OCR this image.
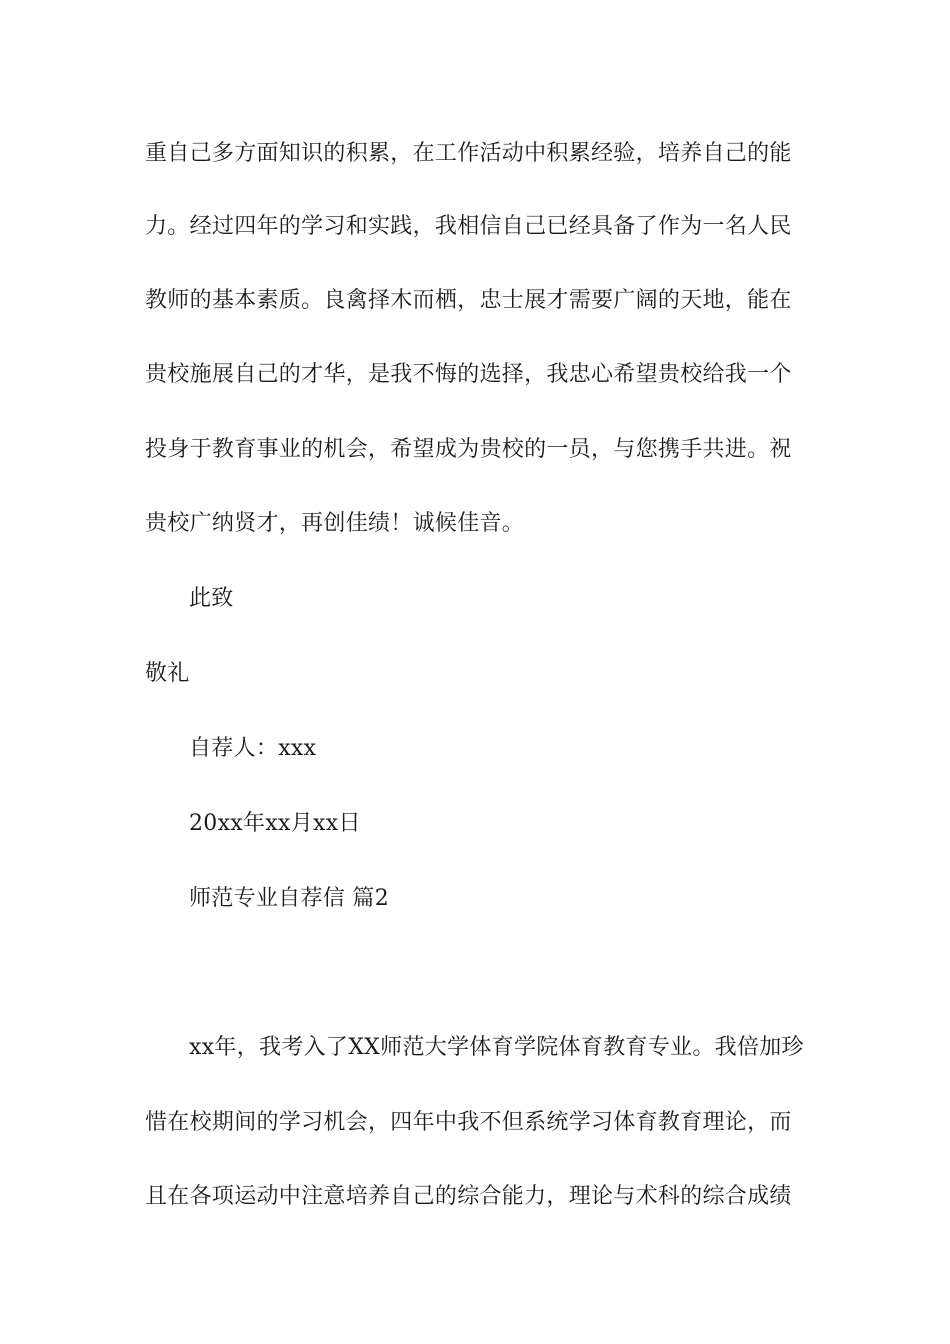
重自己多方面知识的积累，在工作活动中积累经验，培养自己的能
力。经过四年的学习和实践，我相信自己已经具备了作为一名人民
教师的基本素质。良禽择木而栖，忠士展才需要广阔的天地，能在
贵校施展自己的才华，是我不悔的选择，我忠心希望贵校给我一个
投身于教育事业的机会，希望成为贵校的一员，与您携手共进。祝
贵校广纳贤才，再创佳绩！诚候佳音。
此致
敬礼
自荐人：xxx
20xx年xx月xx日
师范专业自荐信 篇2
xx年，我考入了XX师范大学体育学院体育教育专业。我倍加珍
惜在校期间的学习机会，四年中我不但系统学习体育教育理论，而
且在各项运动中注意培养自己的综合能力，理论与术科的综合成绩
